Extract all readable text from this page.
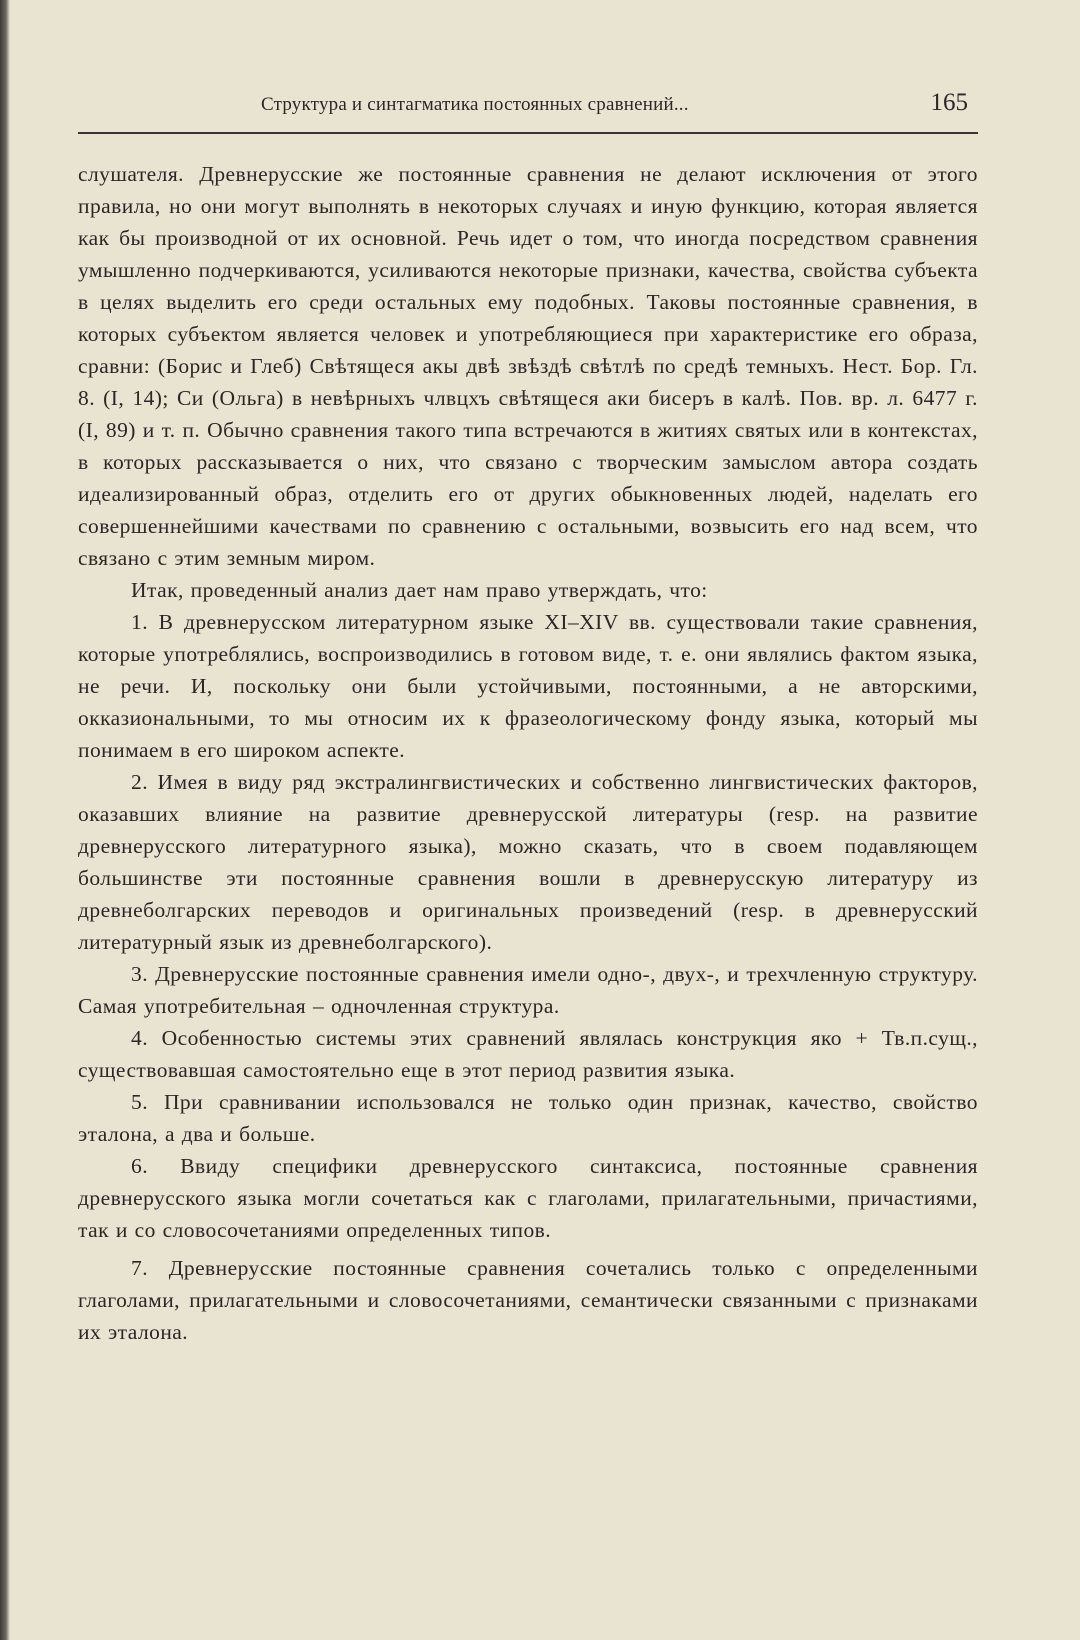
Структура и синтагматика постоянных сравнений...	165

слушателя. Древнерусские же постоянные сравнения не делают исключения от этого правила, но они могут выполнять в некоторых случаях и иную функцию, которая является как бы производной от их основной. Речь идет о том, что иногда посредством сравнения умышленно подчеркиваются, усиливаются некоторые признаки, качества, свойства субъекта в целях выделить его среди остальных ему подобных. Таковы постоянные сравнения, в которых субъектом является человек и употребляющиеся при характеристике его образа, сравни: (Борис и Глеб) Свѣтящеся акы двѣ звѣздѣ свѣтлѣ по средѣ темныхъ. Нест. Бор. Гл. 8. (I, 14); Си (Ольга) в невѣрныхъ члвцхъ свѣтящеся аки бисеръ в калѣ. Пов. вр. л. 6477 г. (I, 89) и т. п. Обычно сравнения такого типа встречаются в житиях святых или в контекстах, в которых рассказывается о них, что связано с творческим замыслом автора создать идеализированный образ, отделить его от других обыкновенных людей, наделать его совершеннейшими качествами по сравнению с остальными, возвысить его над всем, что связано с этим земным миром.

Итак, проведенный анализ дает нам право утверждать, что:

1. В древнерусском литературном языке XI–XIV вв. существовали такие сравнения, которые употреблялись, воспроизводились в готовом виде, т. е. они являлись фактом языка, не речи. И, поскольку они были устойчивыми, постоянными, а не авторскими, окказиональными, то мы относим их к фразеологическому фонду языка, который мы понимаем в его широком аспекте.

2. Имея в виду ряд экстралингвистических и собственно лингвистических факторов, оказавших влияние на развитие древнерусской литературы (resp. на развитие древнерусского литературного языка), можно сказать, что в своем подавляющем большинстве эти постоянные сравнения вошли в древнерусскую литературу из древнеболгарских переводов и оригинальных произведений (resp. в древнерусский литературный язык из древнеболгарского).

3. Древнерусские постоянные сравнения имели одно-, двух-, и трехчленную структуру. Самая употребительная – одночленная структура.

4. Особенностью системы этих сравнений являлась конструкция яко + Тв.п.сущ., существовавшая самостоятельно еще в этот период развития языка.

5. При сравнивании использовался не только один признак, качество, свойство эталона, а два и больше.

6. Ввиду специфики древнерусского синтаксиса, постоянные сравнения древнерусского языка могли сочетаться как с глаголами, прилагательными, причастиями, так и со словосочетаниями определенных типов.

7. Древнерусские постоянные сравнения сочетались только с определенными глаголами, прилагательными и словосочетаниями, семантически связанными с признаками их эталона.
